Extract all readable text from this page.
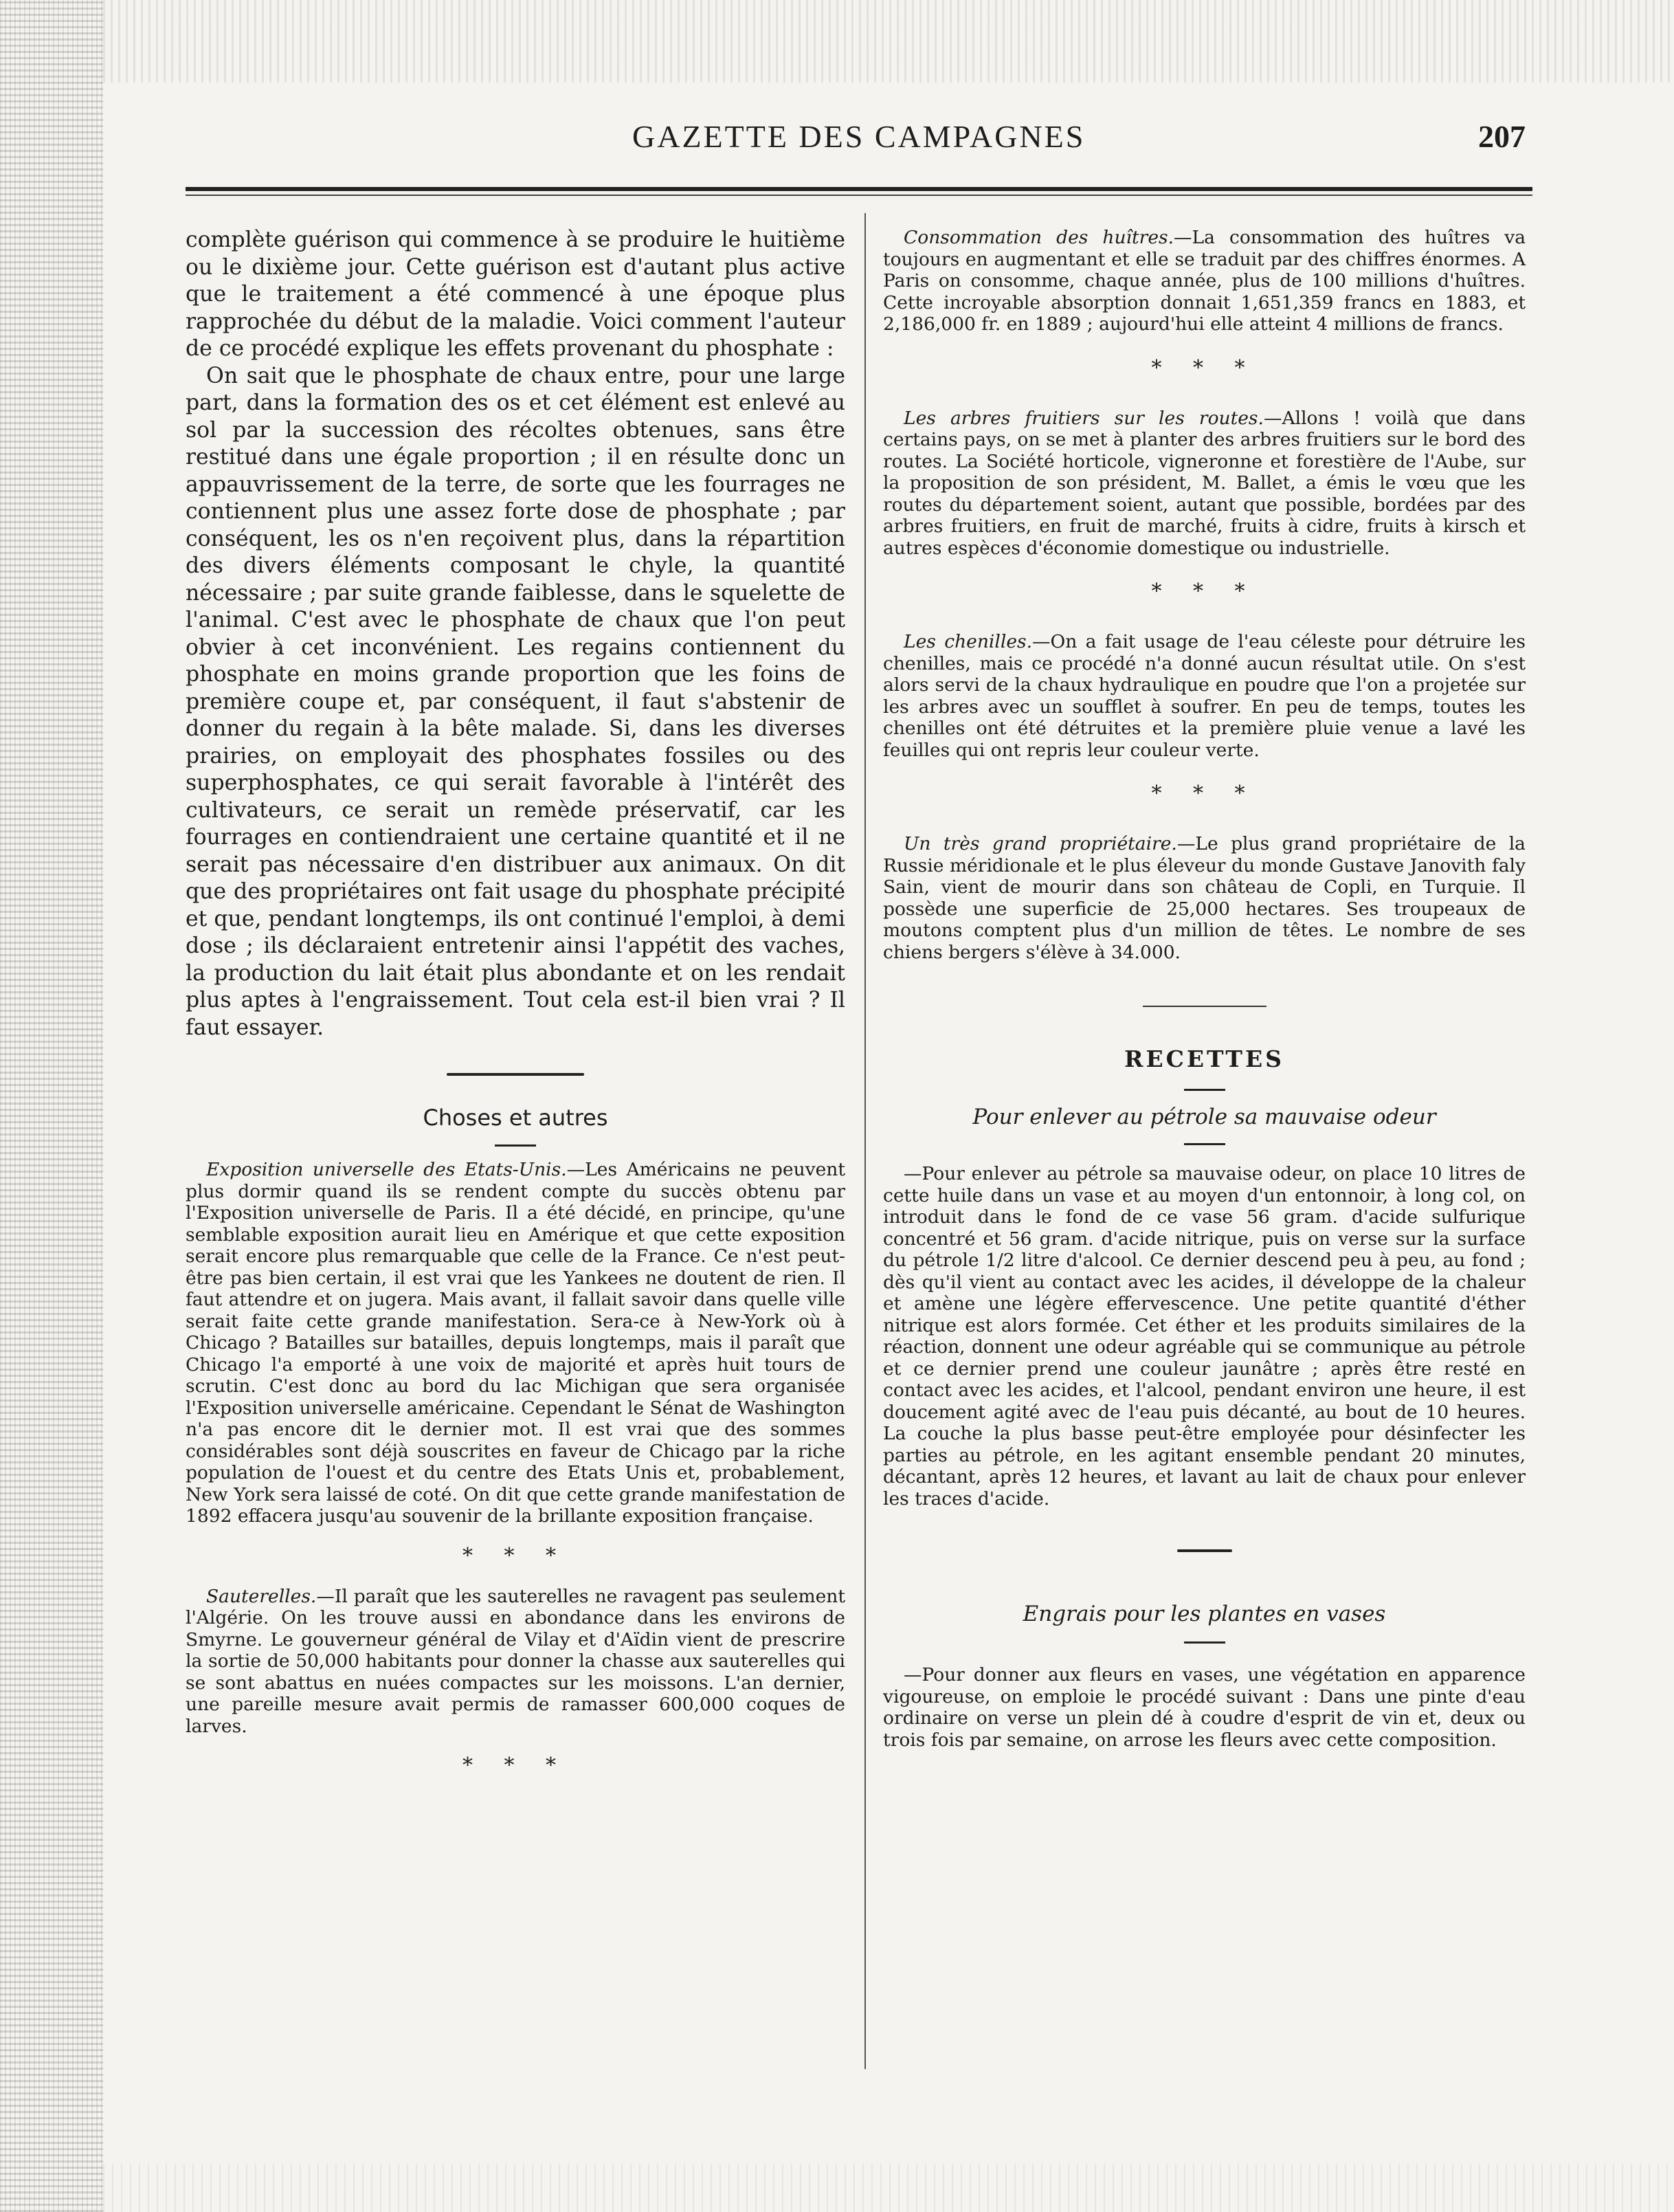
GAZETTE DES CAMPAGNES	207

complète guérison qui commence à se produire le huitième ou le dixième jour. Cette guérison est d'autant plus active que le traitement a été commencé à une époque plus rapprochée du début de la maladie. Voici comment l'auteur de ce procédé explique les effets provenant du phosphate :

On sait que le phosphate de chaux entre, pour une large part, dans la formation des os et cet élément est enlevé au sol par la succession des récoltes obtenues, sans être restitué dans une égale proportion ; il en résulte donc un appauvrissement de la terre, de sorte que les fourrages ne contiennent plus une assez forte dose de phosphate ; par conséquent, les os n'en reçoivent plus, dans la répartition des divers éléments composant le chyle, la quantité nécessaire ; par suite grande faiblesse, dans le squelette de l'animal. C'est avec le phosphate de chaux que l'on peut obvier à cet inconvénient. Les regains contiennent du phosphate en moins grande proportion que les foins de première coupe et, par conséquent, il faut s'abstenir de donner du regain à la bête malade. Si, dans les diverses prairies, on employait des phosphates fossiles ou des superphosphates, ce qui serait favorable à l'intérêt des cultivateurs, ce serait un remède préservatif, car les fourrages en contiendraient une certaine quantité et il ne serait pas nécessaire d'en distribuer aux animaux. On dit que des propriétaires ont fait usage du phosphate précipité et que, pendant longtemps, ils ont continué l'emploi, à demi dose ; ils déclaraient entretenir ainsi l'appétit des vaches, la production du lait était plus abondante et on les rendait plus aptes à l'engraissement. Tout cela est-il bien vrai ? Il faut essayer.

Choses et autres

Exposition universelle des Etats-Unis.—Les Américains ne peuvent plus dormir quand ils se rendent compte du succès obtenu par l'Exposition universelle de Paris. Il a été décidé, en principe, qu'une semblable exposition aurait lieu en Amérique et que cette exposition serait encore plus remarquable que celle de la France. Ce n'est peut-être pas bien certain, il est vrai que les Yankees ne doutent de rien. Il faut attendre et on jugera. Mais avant, il fallait savoir dans quelle ville serait faite cette grande manifestation. Sera-ce à New-York où à Chicago ? Batailles sur batailles, depuis longtemps, mais il paraît que Chicago l'a emporté à une voix de majorité et après huit tours de scrutin. C'est donc au bord du lac Michigan que sera organisée l'Exposition universelle américaine. Cependant le Sénat de Washington n'a pas encore dit le dernier mot. Il est vrai que des sommes considérables sont déjà souscrites en faveur de Chicago par la riche population de l'ouest et du centre des Etats Unis et, probablement, New York sera laissé de coté. On dit que cette grande manifestation de 1892 effacera jusqu'au souvenir de la brillante exposition française.

* * *

Sauterelles.—Il paraît que les sauterelles ne ravagent pas seulement l'Algérie. On les trouve aussi en abondance dans les environs de Smyrne. Le gouverneur général de Vilay et d'Aïdin vient de prescrire la sortie de 50,000 habitants pour donner la chasse aux sauterelles qui se sont abattus en nuées compactes sur les moissons. L'an dernier, une pareille mesure avait permis de ramasser 600,000 coques de larves.

* * *

Consommation des huîtres.—La consommation des huîtres va toujours en augmentant et elle se traduit par des chiffres énormes. A Paris on consomme, chaque année, plus de 100 millions d'huîtres. Cette incroyable absorption donnait 1,651,359 francs en 1883, et 2,186,000 fr. en 1889 ; aujourd'hui elle atteint 4 millions de francs.

* * *

Les arbres fruitiers sur les routes.—Allons ! voilà que dans certains pays, on se met à planter des arbres fruitiers sur le bord des routes. La Société horticole, vigneronne et forestière de l'Aube, sur la proposition de son président, M. Ballet, a émis le vœu que les routes du département soient, autant que possible, bordées par des arbres fruitiers, en fruit de marché, fruits à cidre, fruits à kirsch et autres espèces d'économie domestique ou industrielle.

* * *

Les chenilles.—On a fait usage de l'eau céleste pour détruire les chenilles, mais ce procédé n'a donné aucun résultat utile. On s'est alors servi de la chaux hydraulique en poudre que l'on a projetée sur les arbres avec un soufflet à soufrer. En peu de temps, toutes les chenilles ont été détruites et la première pluie venue a lavé les feuilles qui ont repris leur couleur verte.

* * *

Un très grand propriétaire.—Le plus grand propriétaire de la Russie méridionale et le plus éleveur du monde Gustave Janovith faly Sain, vient de mourir dans son château de Copli, en Turquie. Il possède une superficie de 25,000 hectares. Ses troupeaux de moutons comptent plus d'un million de têtes. Le nombre de ses chiens bergers s'élève à 34.000.

RECETTES
Pour enlever au pétrole sa mauvaise odeur

—Pour enlever au pétrole sa mauvaise odeur, on place 10 litres de cette huile dans un vase et au moyen d'un entonnoir, à long col, on introduit dans le fond de ce vase 56 gram. d'acide sulfurique concentré et 56 gram. d'acide nitrique, puis on verse sur la surface du pétrole 1/2 litre d'alcool. Ce dernier descend peu à peu, au fond ; dès qu'il vient au contact avec les acides, il développe de la chaleur et amène une légère effervescence. Une petite quantité d'éther nitrique est alors formée. Cet éther et les produits similaires de la réaction, donnent une odeur agréable qui se communique au pétrole et ce dernier prend une couleur jaunâtre ; après être resté en contact avec les acides, et l'alcool, pendant environ une heure, il est doucement agité avec de l'eau puis décanté, au bout de 10 heures. La couche la plus basse peut-être employée pour désinfecter les parties au pétrole, en les agitant ensemble pendant 20 minutes, décantant, après 12 heures, et lavant au lait de chaux pour enlever les traces d'acide.

Engrais pour les plantes en vases

—Pour donner aux fleurs en vases, une végétation en apparence vigoureuse, on emploie le procédé suivant : Dans une pinte d'eau ordinaire on verse un plein dé à coudre d'esprit de vin et, deux ou trois fois par semaine, on arrose les fleurs avec cette composition.
